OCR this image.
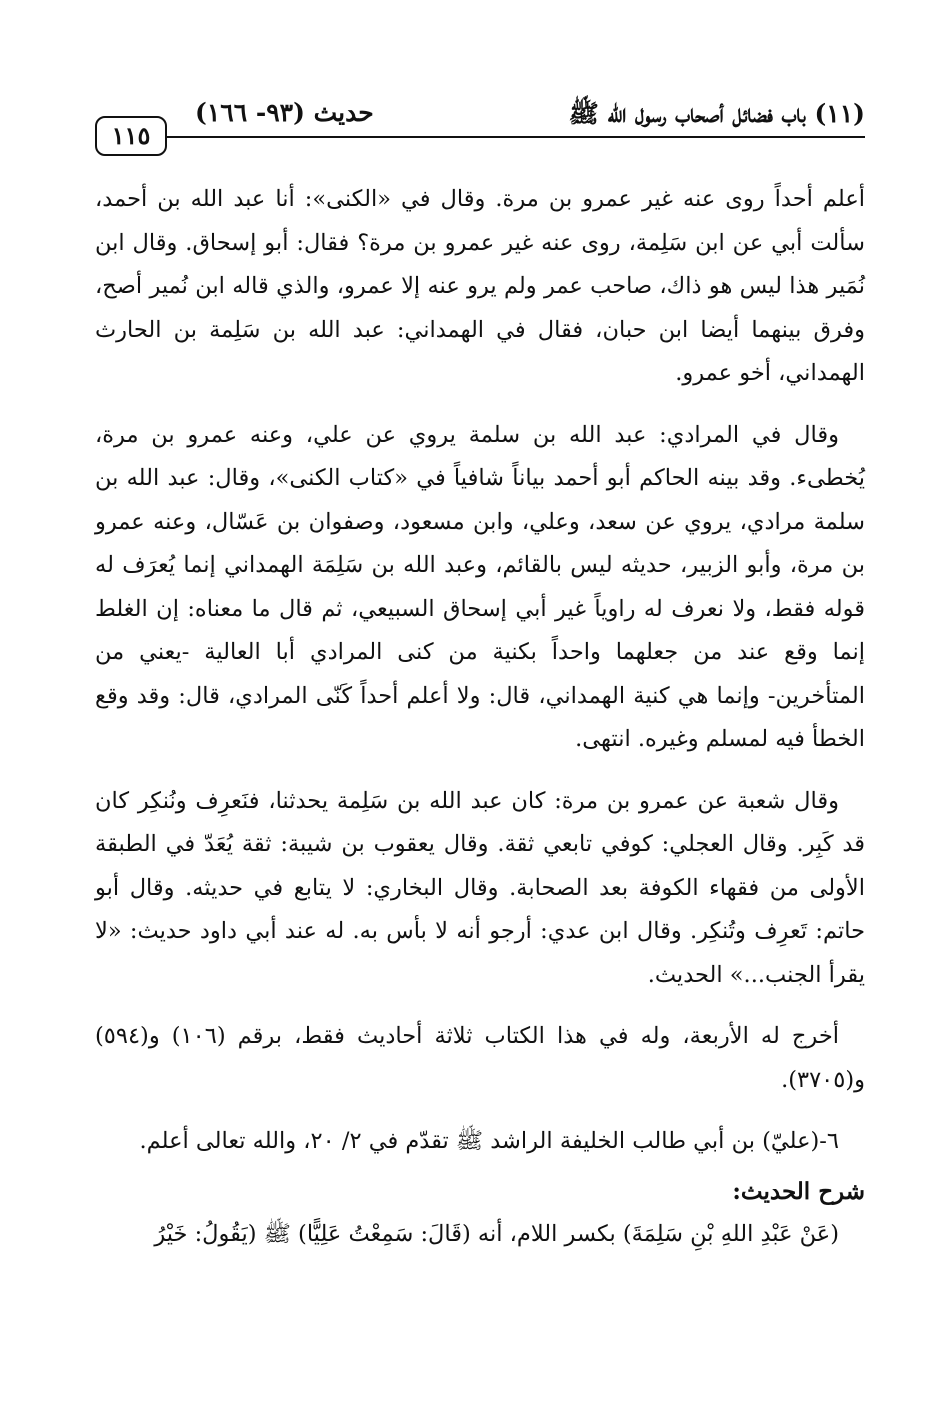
(١١) باب فضائل أصحاب رسول الله ﷺ
حديث (٩٣- ١٦٦)
١١٥

أعلم أحداً روى عنه غير عمرو بن مرة. وقال في «الكنى»: أنا عبد الله بن أحمد، سألت أبي عن ابن سَلِمة، روى عنه غير عمرو بن مرة؟ فقال: أبو إسحاق. وقال ابن نُمَير هذا ليس هو ذاك، صاحب عمر ولم يرو عنه إلا عمرو، والذي قاله ابن نُمير أصح، وفرق بينهما أيضا ابن حبان، فقال في الهمداني: عبد الله بن سَلِمة بن الحارث الهمداني، أخو عمرو.

وقال في المرادي: عبد الله بن سلمة يروي عن علي، وعنه عمرو بن مرة، يُخطىء. وقد بينه الحاكم أبو أحمد بياناً شافياً في «كتاب الكنى»، وقال: عبد الله بن سلمة مرادي، يروي عن سعد، وعلي، وابن مسعود، وصفوان بن عَسّال، وعنه عمرو بن مرة، وأبو الزبير، حديثه ليس بالقائم، وعبد الله بن سَلِمَة الهمداني إنما يُعرَف له قوله فقط، ولا نعرف له راوياً غير أبي إسحاق السبيعي، ثم قال ما معناه: إن الغلط إنما وقع عند من جعلهما واحداً بكنية من كنى المرادي أبا العالية -يعني من المتأخرين- وإنما هي كنية الهمداني، قال: ولا أعلم أحداً كَنّى المرادي، قال: وقد وقع الخطأ فيه لمسلم وغيره. انتهى.

وقال شعبة عن عمرو بن مرة: كان عبد الله بن سَلِمة يحدثنا، فنَعرِف ونُنكِر كان قد كَبِر. وقال العجلي: كوفي تابعي ثقة. وقال يعقوب بن شيبة: ثقة يُعَدّ في الطبقة الأولى من فقهاء الكوفة بعد الصحابة. وقال البخاري: لا يتابع في حديثه. وقال أبو حاتم: تَعرِف وتُنكِر. وقال ابن عدي: أرجو أنه لا بأس به. له عند أبي داود حديث: «لا يقرأ الجنب...» الحديث.

أخرج له الأربعة، وله في هذا الكتاب ثلاثة أحاديث فقط، برقم (١٠٦) و(٥٩٤) و(٣٧٠٥).

٦-(عليّ) بن أبي طالب الخليفة الراشد ﷺ تقدّم في ٢/ ٢٠، والله تعالى أعلم.

شرح الحديث:

(عَنْ عَبْدِ اللهِ بْنِ سَلِمَةَ) بكسر اللام، أنه (قَالَ: سَمِعْتُ عَلِيًّا) ﷺ (يَقُولُ: خَيْرُ
